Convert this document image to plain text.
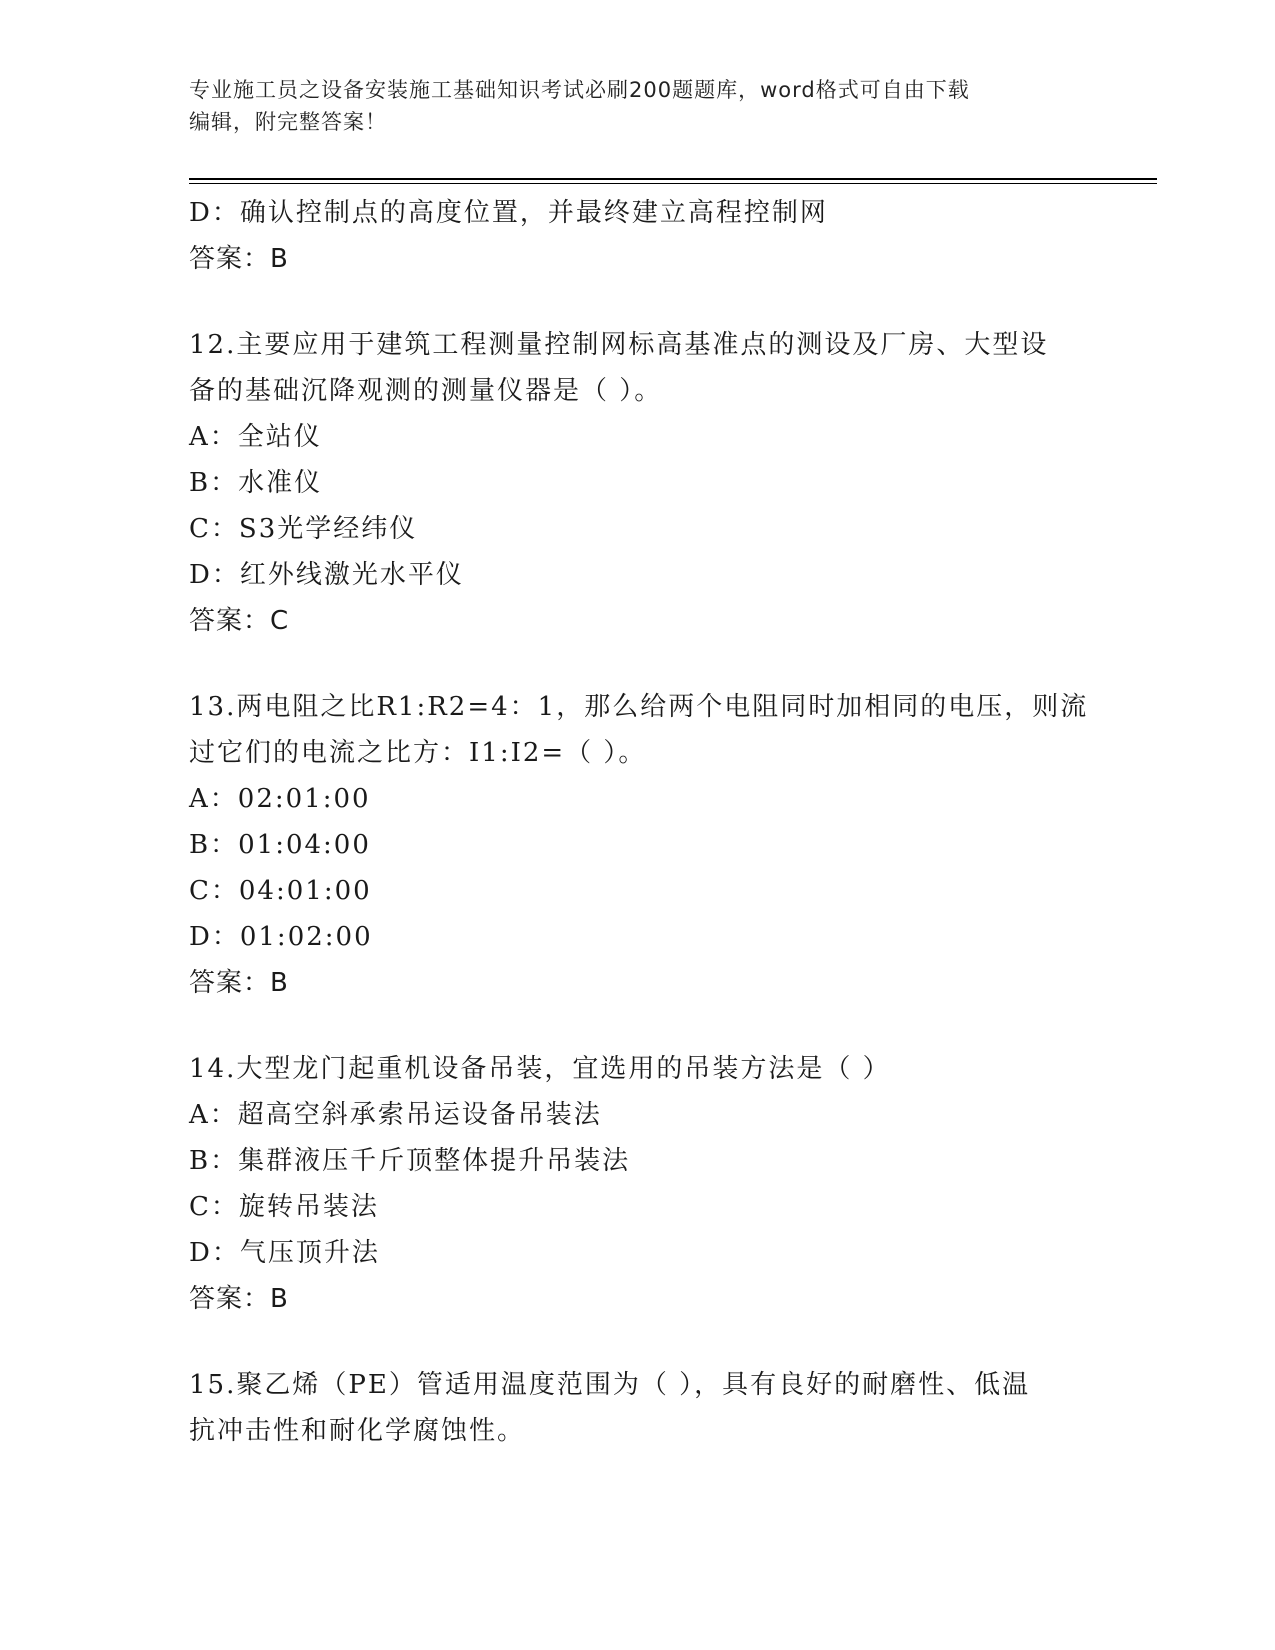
专业施工员之设备安装施工基础知识考试必刷200题题库，word格式可自由下载
编辑，附完整答案！
D：确认控制点的高度位置，并最终建立高程控制网
答案：B
12.主要应用于建筑工程测量控制网标高基准点的测设及厂房、大型设
备的基础沉降观测的测量仪器是（ ）。
A：全站仪
B：水准仪
C：S3光学经纬仪
D：红外线激光水平仪
答案：C
13.两电阻之比R1:R2=4：1，那么给两个电阻同时加相同的电压，则流
过它们的电流之比方：I1:I2=（ ）。
A：02:01:00
B：01:04:00
C：04:01:00
D：01:02:00
答案：B
14.大型龙门起重机设备吊装，宜选用的吊装方法是（ ）
A：超高空斜承索吊运设备吊装法
B：集群液压千斤顶整体提升吊装法
C：旋转吊装法
D：气压顶升法
答案：B
15.聚乙烯（PE）管适用温度范围为（ ），具有良好的耐磨性、低温
抗冲击性和耐化学腐蚀性。
